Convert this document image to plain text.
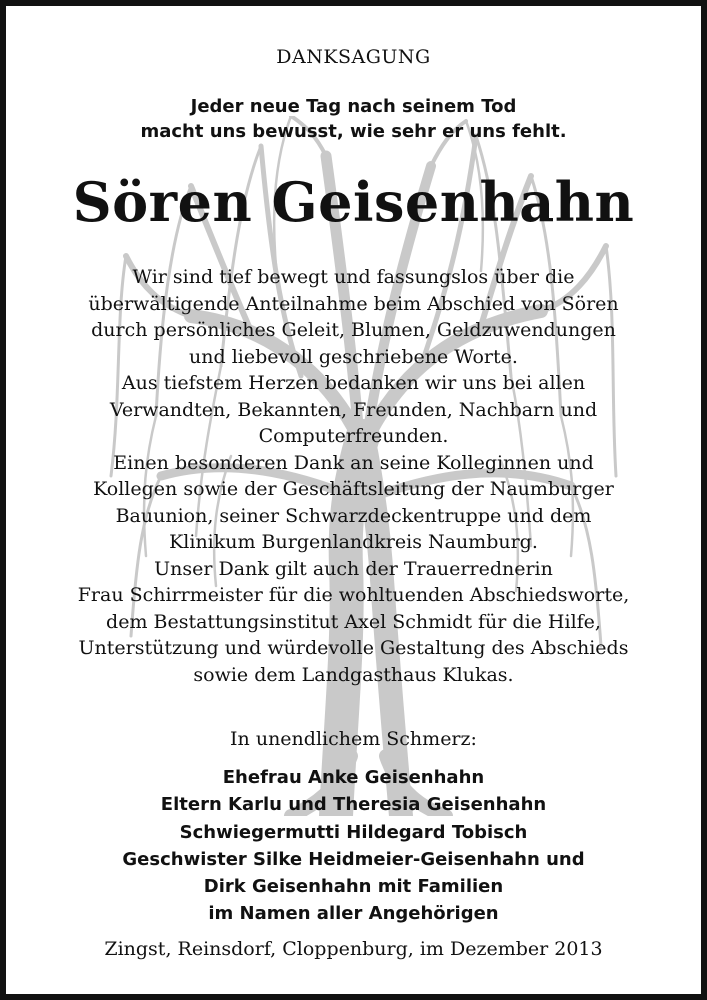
DANKSAGUNG
Jeder neue Tag nach seinem Tod
macht uns bewusst, wie sehr er uns fehlt.
Sören Geisenhahn
Wir sind tief bewegt und fassungslos über die
überwältigende Anteilnahme beim Abschied von Sören
durch persönliches Geleit, Blumen, Geldzuwendungen
und liebevoll geschriebene Worte.
Aus tiefstem Herzen bedanken wir uns bei allen
Verwandten, Bekannten, Freunden, Nachbarn und
Computerfreunden.
Einen besonderen Dank an seine Kolleginnen und
Kollegen sowie der Geschäftsleitung der Naumburger
Bauunion, seiner Schwarzdeckentruppe und dem
Klinikum Burgenlandkreis Naumburg.
Unser Dank gilt auch der Trauerrednerin
Frau Schirrmeister für die wohltuenden Abschiedsworte,
dem Bestattungsinstitut Axel Schmidt für die Hilfe,
Unterstützung und würdevolle Gestaltung des Abschieds
sowie dem Landgasthaus Klukas.
In unendlichem Schmerz:
Ehefrau Anke Geisenhahn
Eltern Karlu und Theresia Geisenhahn
Schwiegermutti Hildegard Tobisch
Geschwister Silke Heidmeier-Geisenhahn und
Dirk Geisenhahn mit Familien
im Namen aller Angehörigen
Zingst, Reinsdorf, Cloppenburg, im Dezember 2013
